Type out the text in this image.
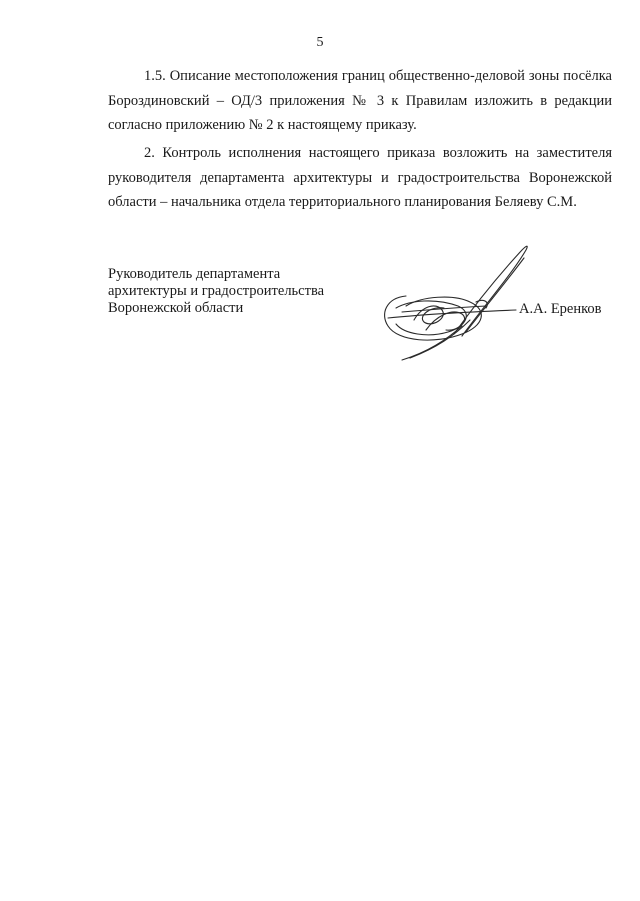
5

1.5. Описание местоположения границ общественно-деловой зоны посёлка Бороздиновский – ОД/3 приложения № 3 к Правилам изложить в редакции согласно приложению № 2 к настоящему приказу.

2. Контроль исполнения настоящего приказа возложить на заместителя руководителя департамента архитектуры и градостроительства Воронежской области – начальника отдела территориального планирования Беляеву С.М.

Руководитель департамента
архитектуры и градостроительства
Воронежской области	А.А. Еренков
